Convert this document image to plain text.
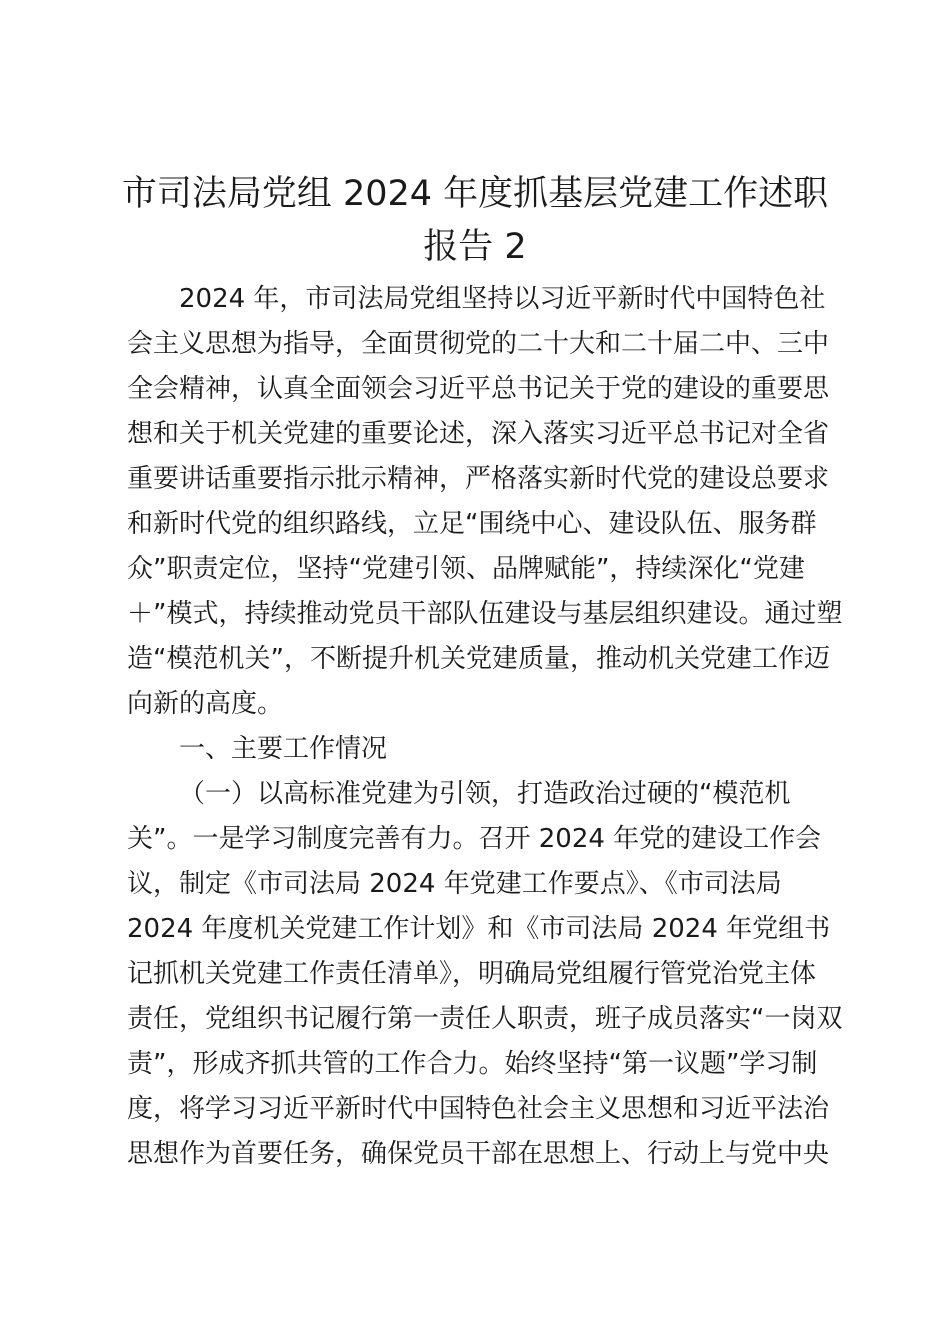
市司法局党组 2024 年度抓基层党建工作述职
报告 2
2024 年，市司法局党组坚持以习近平新时代中国特色社
会主义思想为指导，全面贯彻党的二十大和二十届二中、三中
全会精神，认真全面领会习近平总书记关于党的建设的重要思
想和关于机关党建的重要论述，深入落实习近平总书记对全省
重要讲话重要指示批示精神，严格落实新时代党的建设总要求
和新时代党的组织路线，立足“围绕中心、建设队伍、服务群
众”职责定位，坚持“党建引领、品牌赋能”，持续深化“党建
＋”模式，持续推动党员干部队伍建设与基层组织建设。通过塑
造“模范机关”，不断提升机关党建质量，推动机关党建工作迈
向新的高度。
一、主要工作情况
（一）以高标准党建为引领，打造政治过硬的“模范机
关”。一是学习制度完善有力。召开 2024 年党的建设工作会
议，制定《市司法局 2024 年党建工作要点》、《市司法局
2024 年度机关党建工作计划》和《市司法局 2024 年党组书
记抓机关党建工作责任清单》，明确局党组履行管党治党主体
责任，党组织书记履行第一责任人职责，班子成员落实“一岗双
责”，形成齐抓共管的工作合力。始终坚持“第一议题”学习制
度，将学习习近平新时代中国特色社会主义思想和习近平法治
思想作为首要任务，确保党员干部在思想上、行动上与党中央
